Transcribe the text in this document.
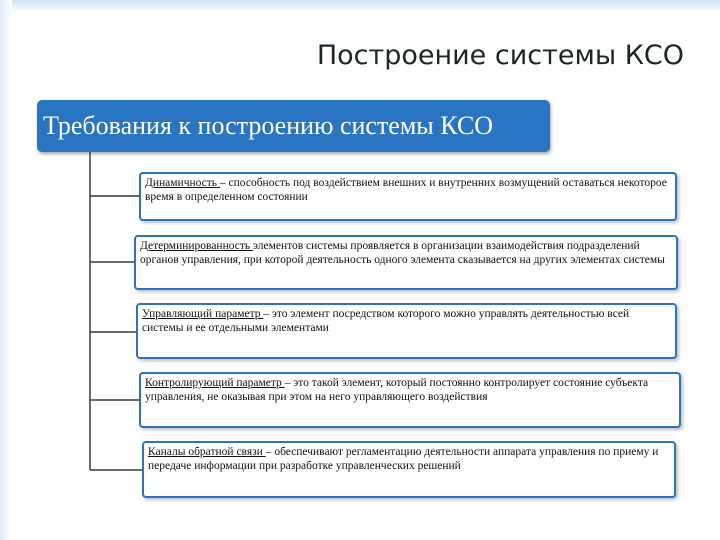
Построение системы КСО
Требования к построению системы КСО
Динамичность – способность под воздействием внешних и внутренних возмущений оставаться некоторое время в определенном состоянии
Детерминированность элементов системы проявляется в организации взаимодействия подразделений органов управления, при которой деятельность одного элемента сказывается на других элементах системы
Управляющий параметр – это элемент посредством которого можно управлять деятельностью всей системы и ее отдельными элементами
Контролирующий параметр – это такой элемент, который постоянно контролирует состояние субъекта управления, не оказывая при этом на него управляющего воздействия
Каналы обратной связи – обеспечивают регламентацию деятельности аппарата управления по приему и передаче информации при разработке управленческих решений
